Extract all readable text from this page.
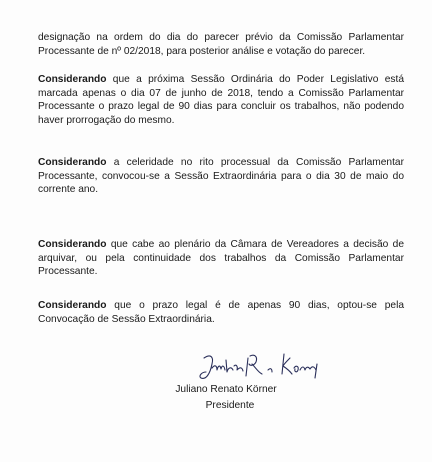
designação na ordem do dia do parecer prévio da Comissão Parlamentar Processante de nº 02/2018, para posterior análise e votação do parecer.

Considerando que a próxima Sessão Ordinária do Poder Legislativo está marcada apenas o dia 07 de junho de 2018, tendo a Comissão Parlamentar Processante o prazo legal de 90 dias para concluir os trabalhos, não podendo haver prorrogação do mesmo.

Considerando a celeridade no rito processual da Comissão Parlamentar Processante, convocou-se a Sessão Extraordinária para o dia 30 de maio do corrente ano.

Considerando que cabe ao plenário da Câmara de Vereadores a decisão de arquivar, ou pela continuidade dos trabalhos da Comissão Parlamentar Processante.

Considerando que o prazo legal é de apenas 90 dias, optou-se pela Convocação de Sessão Extraordinária.

Juliano Renato Körner

Presidente
